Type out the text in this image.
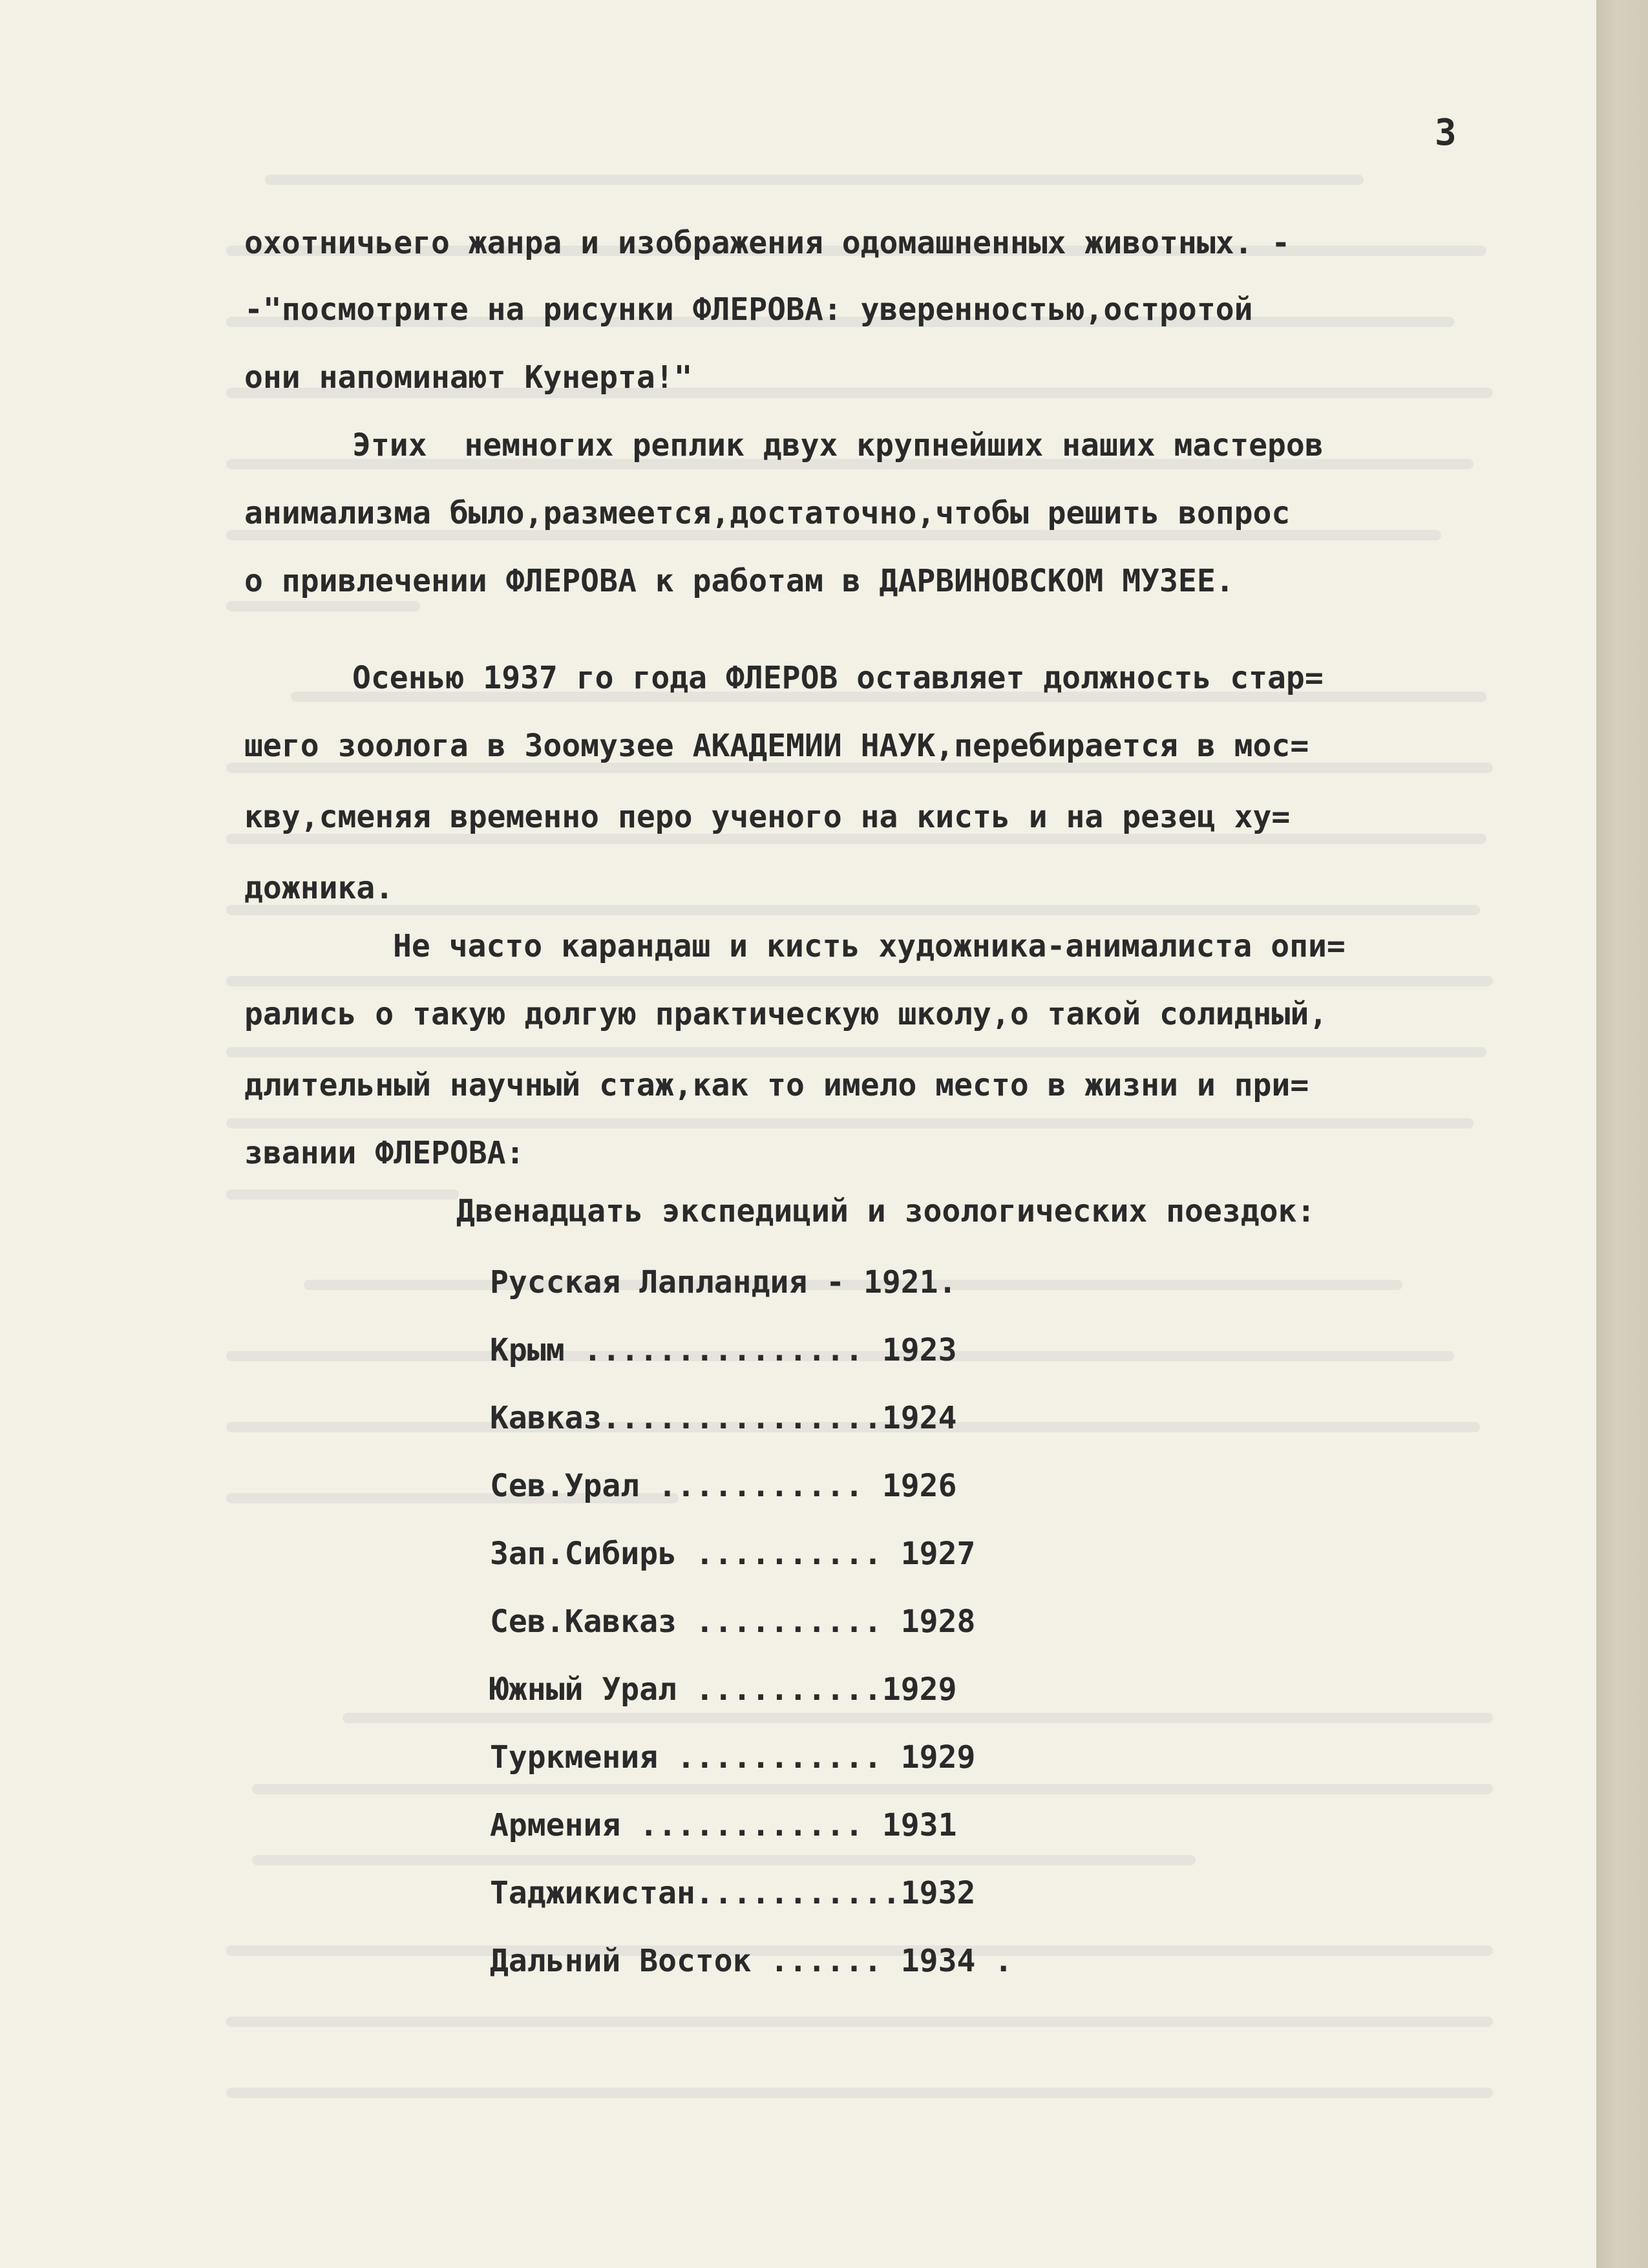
3
охотничьего жанра и изображения одомашненных животных. -
-"посмотрите на рисунки ФЛЕРОВА: уверенностью,остротой
они напоминают Кунерта!"
Этих  немногих реплик двух крупнейших наших мастеров
анимализма было,размеется,достаточно,чтобы решить вопрос
о привлечении ФЛЕРОВА к работам в ДАРВИНОВСКОМ МУЗЕЕ.
Осенью 1937 го года ФЛЕРОВ оставляет должность стар=
шего зоолога в Зоомузее АКАДЕМИИ НАУК,перебирается в мос=
кву,сменяя временно перо ученого на кисть и на резец ху=
дожника.
Не часто карандаш и кисть художника-анималиста опи=
рались о такую долгую практическую школу,о такой солидный,
длительный научный стаж,как то имело место в жизни и при=
звании ФЛЕРОВА:
Двенадцать экспедиций и зоологических поездок:
Русская Лапландия - 1921.
Крым ............... 1923
Кавказ...............1924
Сев.Урал ........... 1926
Зап.Сибирь .......... 1927
Сев.Кавказ .......... 1928
Южный Урал ..........1929
Туркмения ........... 1929
Армения ............ 1931
Таджикистан...........1932
Дальний Восток ...... 1934 .
